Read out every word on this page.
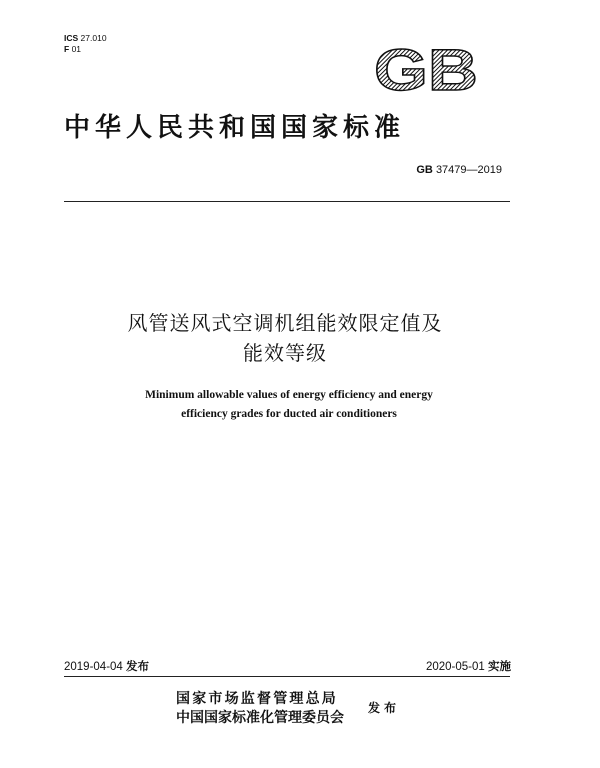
ICS 27.010
F 01	GB
中华人民共和国国家标准
GB 37479—2019
风管送风式空调机组能效限定值及
能效等级
Minimum allowable values of energy efficiency and energy
efficiency grades for ducted air conditioners
2019-04-04 发布	2020-05-01 实施
国家市场监督管理总局
中国国家标准化管理委员会
发布
